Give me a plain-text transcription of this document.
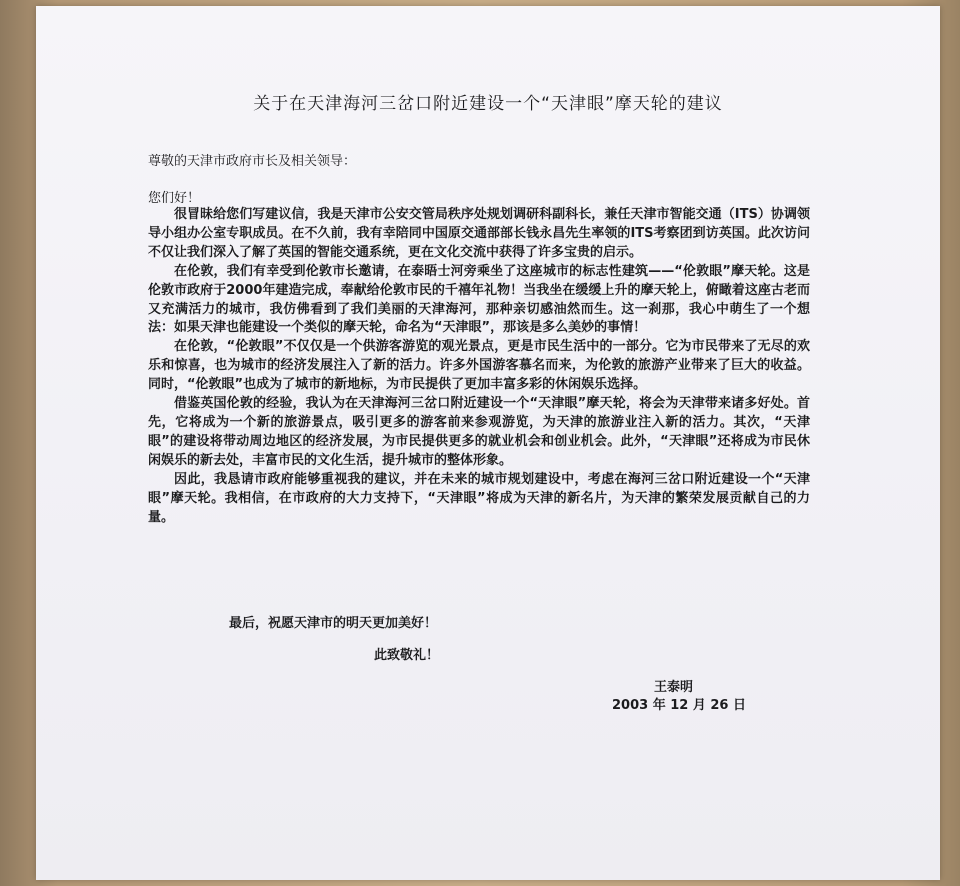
关于在天津海河三岔口附近建设一个“天津眼”摩天轮的建议
尊敬的天津市政府市长及相关领导：
您们好！

很冒昧给您们写建议信，我是天津市公安交管局秩序处规划调研科副科长，兼任天津市智能交通（ITS）协调领导小组办公室专职成员。在不久前，我有幸陪同中国原交通部部长钱永昌先生率领的ITS考察团到访英国。此次访问不仅让我们深入了解了英国的智能交通系统，更在文化交流中获得了许多宝贵的启示。

在伦敦，我们有幸受到伦敦市长邀请，在泰晤士河旁乘坐了这座城市的标志性建筑——“伦敦眼”摩天轮。这是伦敦市政府于2000年建造完成，奉献给伦敦市民的千禧年礼物！当我坐在缓缓上升的摩天轮上，俯瞰着这座古老而又充满活力的城市，我仿佛看到了我们美丽的天津海河，那种亲切感油然而生。这一刹那，我心中萌生了一个想法：如果天津也能建设一个类似的摩天轮，命名为“天津眼”，那该是多么美妙的事情！

在伦敦，“伦敦眼”不仅仅是一个供游客游览的观光景点，更是市民生活中的一部分。它为市民带来了无尽的欢乐和惊喜，也为城市的经济发展注入了新的活力。许多外国游客慕名而来，为伦敦的旅游产业带来了巨大的收益。同时，“伦敦眼”也成为了城市的新地标，为市民提供了更加丰富多彩的休闲娱乐选择。

借鉴英国伦敦的经验，我认为在天津海河三岔口附近建设一个“天津眼”摩天轮，将会为天津带来诸多好处。首先，它将成为一个新的旅游景点，吸引更多的游客前来参观游览，为天津的旅游业注入新的活力。其次，“天津眼”的建设将带动周边地区的经济发展，为市民提供更多的就业机会和创业机会。此外，“天津眼”还将成为市民休闲娱乐的新去处，丰富市民的文化生活，提升城市的整体形象。

因此，我恳请市政府能够重视我的建议，并在未来的城市规划建设中，考虑在海河三岔口附近建设一个“天津眼”摩天轮。我相信，在市政府的大力支持下，“天津眼”将成为天津的新名片，为天津的繁荣发展贡献自己的力量。

最后，祝愿天津市的明天更加美好！
此致敬礼！
王泰明
2003 年 12 月 26 日
